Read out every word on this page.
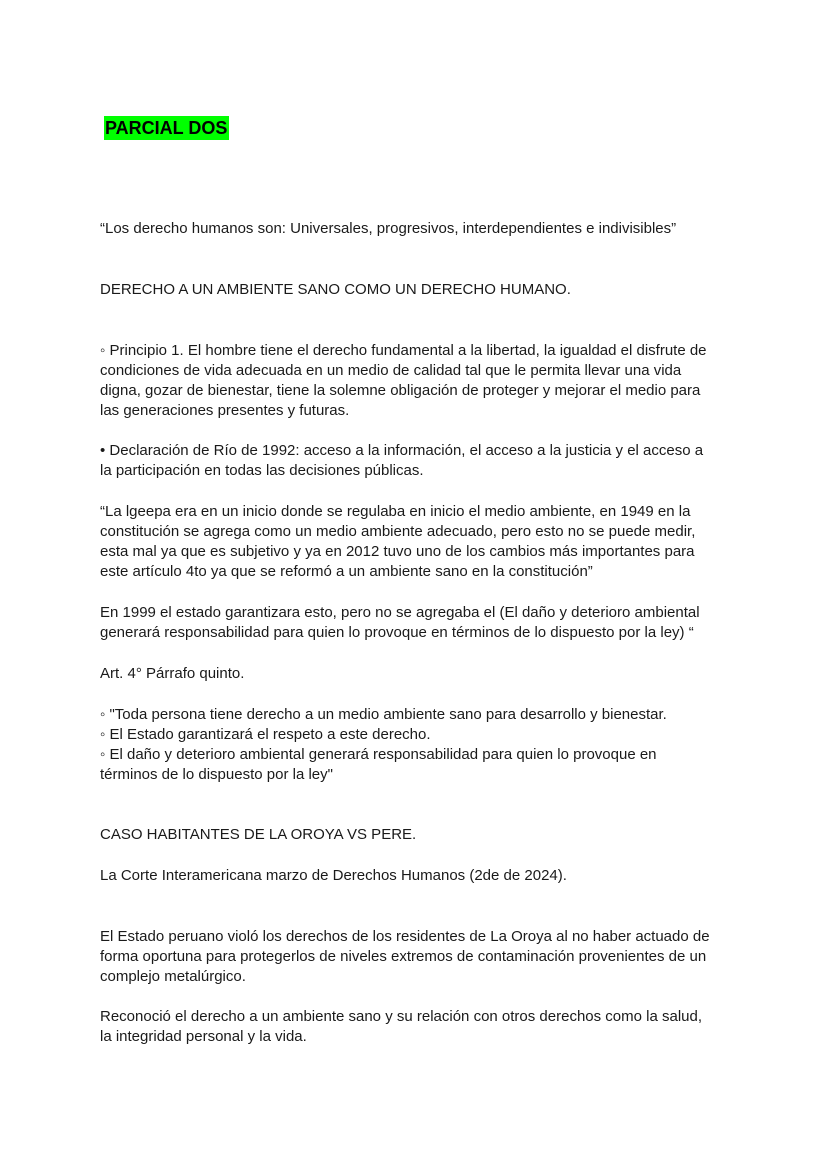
PARCIAL DOS

“Los derecho humanos son: Universales, progresivos, interdependientes e indivisibles”

DERECHO A UN AMBIENTE SANO COMO UN DERECHO HUMANO.

◦ Principio 1. El hombre tiene el derecho fundamental a la libertad, la igualdad el disfrute de
condiciones de vida adecuada en un medio de calidad tal que le permita llevar una vida
digna, gozar de bienestar, tiene la solemne obligación de proteger y mejorar el medio para
las generaciones presentes y futuras.

• Declaración de Río de 1992: acceso a la información, el acceso a la justicia y el acceso a
la participación en todas las decisiones públicas.

“La lgeepa era en un inicio donde se regulaba en inicio el medio ambiente, en 1949 en la
constitución se agrega como un medio ambiente adecuado, pero esto no se puede medir,
esta mal ya que es subjetivo y ya en 2012 tuvo uno de los cambios más importantes para
este artículo 4to ya que se reformó a un ambiente sano en la constitución”

En 1999 el estado garantizara esto, pero no se agregaba el (El daño y deterioro ambiental
generará responsabilidad para quien lo provoque en términos de lo dispuesto por la ley) “

Art. 4° Párrafo quinto.

◦ "Toda persona tiene derecho a un medio ambiente sano para desarrollo y bienestar.
◦ El Estado garantizará el respeto a este derecho.
◦ El daño y deterioro ambiental generará responsabilidad para quien lo provoque en
términos de lo dispuesto por la ley"

CASO HABITANTES DE LA OROYA VS PERE.

La Corte Interamericana marzo de Derechos Humanos (2de de 2024).

El Estado peruano violó los derechos de los residentes de La Oroya al no haber actuado de
forma oportuna para protegerlos de niveles extremos de contaminación provenientes de un
complejo metalúrgico.

Reconoció el derecho a un ambiente sano y su relación con otros derechos como la salud,
la integridad personal y la vida.
